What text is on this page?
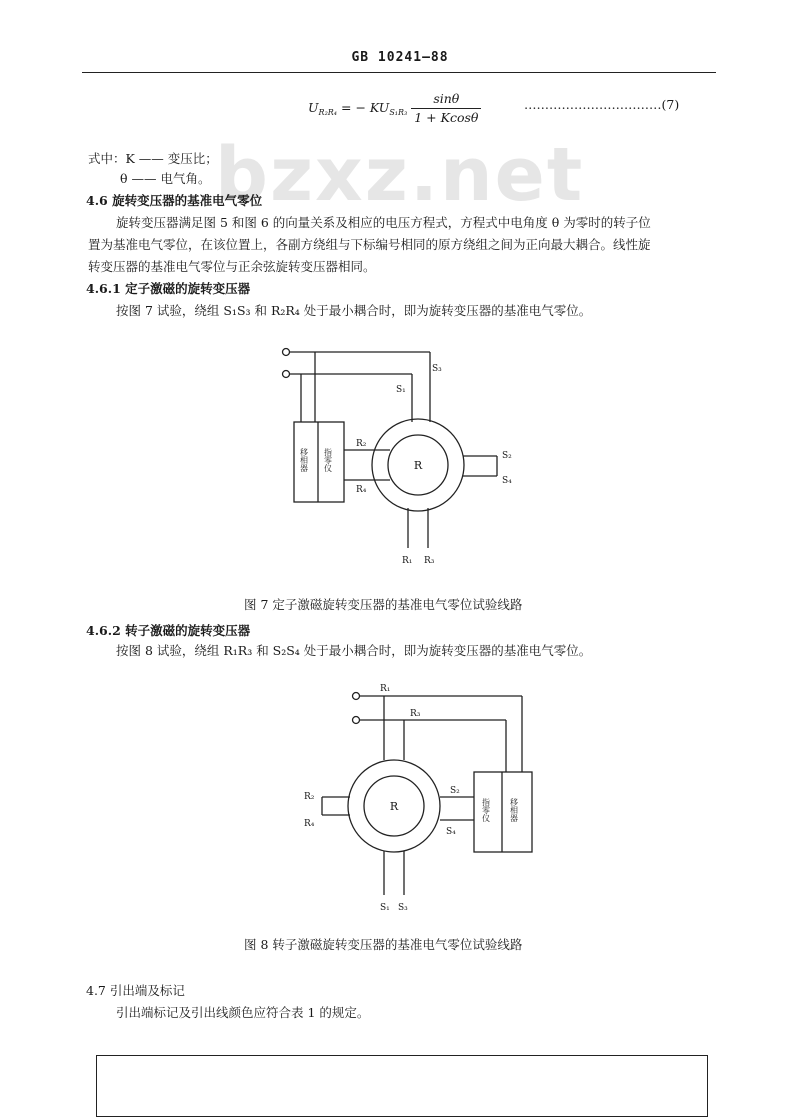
bzxz.net
GB 10241—88
$U_{R_2R_4}$ = − $KU_{S_1R_3} \frac{\sin\theta}{1 + Kcos\theta}$	……………………………(7)
式中：K —— 变压比；
θ —— 电气角。
4.6 旋转变压器的基准电气零位
旋转变压器满足图 5 和图 6 的向量关系及相应的电压方程式，方程式中电角度 θ 为零时的转子位
置为基准电气零位，在该位置上，各副方绕组与下标编号相同的原方绕组之间为正向最大耦合。线性旋
转变压器的基准电气零位与正余弦旋转变压器相同。
4.6.1 定子激磁的旋转变压器
按图 7 试验，绕组 S₁S₃ 和 R₂R₄ 处于最小耦合时，即为旋转变压器的基准电气零位。
R
S₃
S₁
S₂
S₄
R₂
R₄
R₁ R₃
移相器 指零仪
R
R₁
R₃
R₂
R₄
S₂
S₄
S₁ S₃
指零仪 移相器
图 7 定子激磁旋转变压器的基准电气零位试验线路
4.6.2 转子激磁的旋转变压器
按图 8 试验，绕组 R₁R₃ 和 S₂S₄ 处于最小耦合时，即为旋转变压器的基准电气零位。
图 8 转子激磁旋转变压器的基准电气零位试验线路
4.7 引出端及标记
引出端标记及引出线颜色应符合表 1 的规定。
